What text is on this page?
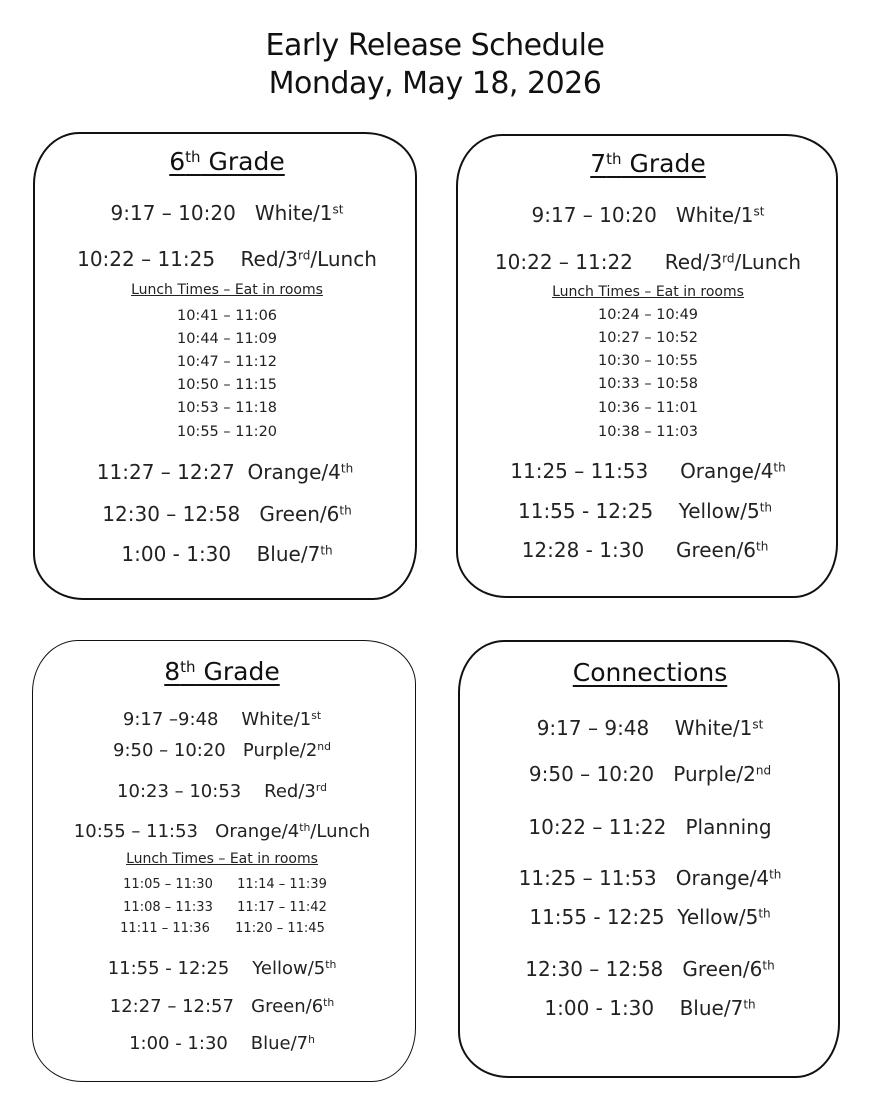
Early Release Schedule
Monday, May 18, 2026
6th Grade
9:17 – 10:20 White/1st
10:22 – 11:25 Red/3rd/Lunch
Lunch Times – Eat in rooms
10:41 – 11:06
10:44 – 11:09
10:47 – 11:12
10:50 – 11:15
10:53 – 11:18
10:55 – 11:20
11:27 – 12:27 Orange/4th
12:30 – 12:58 Green/6th
1:00 - 1:30 Blue/7th
7th Grade
9:17 – 10:20 White/1st
10:22 – 11:22 Red/3rd/Lunch
Lunch Times – Eat in rooms
10:24 – 10:49
10:27 – 10:52
10:30 – 10:55
10:33 – 10:58
10:36 – 11:01
10:38 – 11:03
11:25 – 11:53 Orange/4th
11:55 - 12:25 Yellow/5th
12:28 - 1:30 Green/6th
8th Grade
9:17 –9:48 White/1st
9:50 – 10:20 Purple/2nd
10:23 – 10:53 Red/3rd
10:55 – 11:53 Orange/4th/Lunch
Lunch Times – Eat in rooms
11:05 – 11:30
11:08 – 11:33
11:11 – 11:36
11:14 – 11:39
11:17 – 11:42
11:20 – 11:45
11:55 - 12:25 Yellow/5th
12:27 – 12:57 Green/6th
1:00 - 1:30 Blue/7$^h$
Connections
9:17 – 9:48 White/1st
9:50 – 10:20 Purple/2nd
10:22 – 11:22 Planning
11:25 – 11:53 Orange/4th
11:55 - 12:25 Yellow/5th
12:30 – 12:58 Green/6th
1:00 - 1:30 Blue/7th
